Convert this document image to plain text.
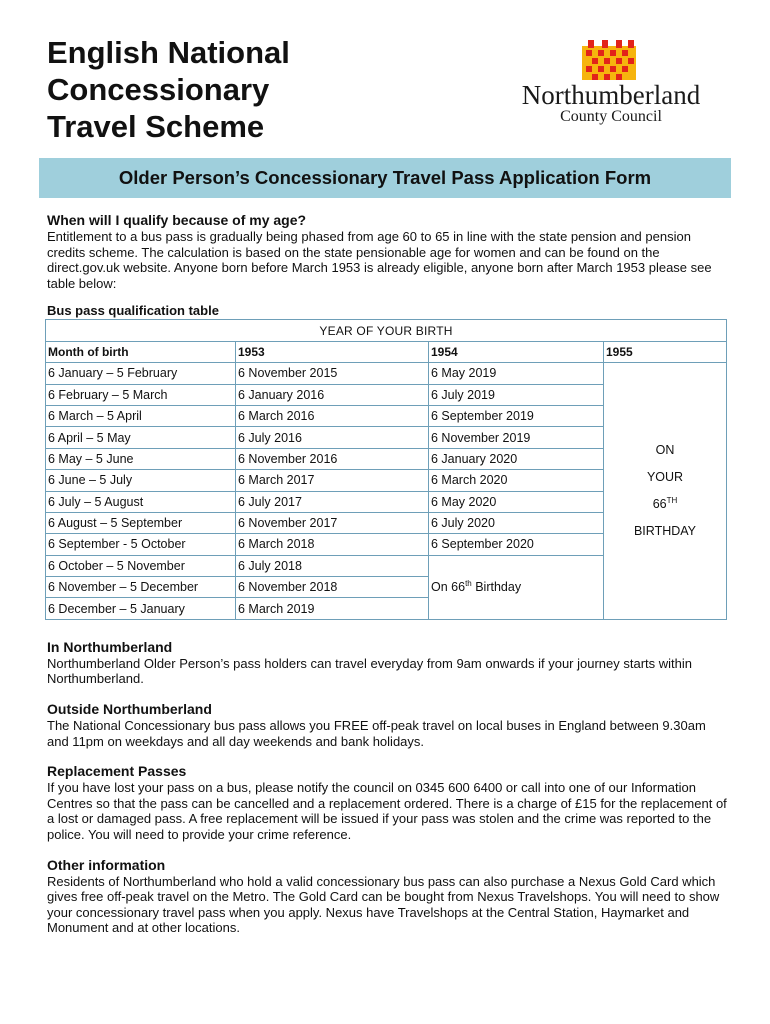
English National
Concessionary
Travel Scheme
Northumberland
County Council
Older Person’s Concessionary Travel Pass Application Form

When will I qualify because of my age?

Entitlement to a bus pass is gradually being phased from age 60 to 65 in line with the state pension and pension credits scheme. The calculation is based on the state pensionable age for women and can be found on the direct.gov.uk website. Anyone born before March 1953 is already eligible, anyone born after March 1953 please see table below:

Bus pass qualification table
YEAR OF YOUR BIRTH			
Month of birth	1953	1954	1955
6 January – 5 February	6 November 2015	6 May 2019	ON
YOUR
66TH
BIRTHDAY

6 February – 5 March	6 January 2016	6 July 2019	
6 March – 5 April	6 March 2016	6 September 2019	
6 April – 5 May	6 July 2016	6 November 2019	
6 May – 5 June	6 November 2016	6 January 2020	
6 June – 5 July	6 March 2017	6 March 2020	
6 July – 5 August	6 July 2017	6 May 2020	
6 August – 5 September	6 November 2017	6 July 2020	
6 September - 5 October	6 March 2018	6 September 2020	
6 October – 5 November	6 July 2018	On 66th Birthday	
6 November – 5 December	6 November 2018		
6 December – 5 January	6 March 2019		

In Northumberland

Northumberland Older Person’s pass holders can travel everyday from 9am onwards if your journey starts within Northumberland.

Outside Northumberland

The National Concessionary bus pass allows you FREE off-peak travel on local buses in England between 9.30am and 11pm on weekdays and all day weekends and bank holidays.

Replacement Passes

If you have lost your pass on a bus, please notify the council on 0345 600 6400 or call into one of our Information Centres so that the pass can be cancelled and a replacement ordered. There is a charge of £15 for the replacement of a lost or damaged pass. A free replacement will be issued if your pass was stolen and the crime was reported to the police. You will need to provide your crime reference.

Other information

Residents of Northumberland who hold a valid concessionary bus pass can also purchase a Nexus Gold Card which gives free off-peak travel on the Metro. The Gold Card can be bought from Nexus Travelshops. You will need to show your concessionary travel pass when you apply. Nexus have Travelshops at the Central Station, Haymarket and Monument and at other locations.
